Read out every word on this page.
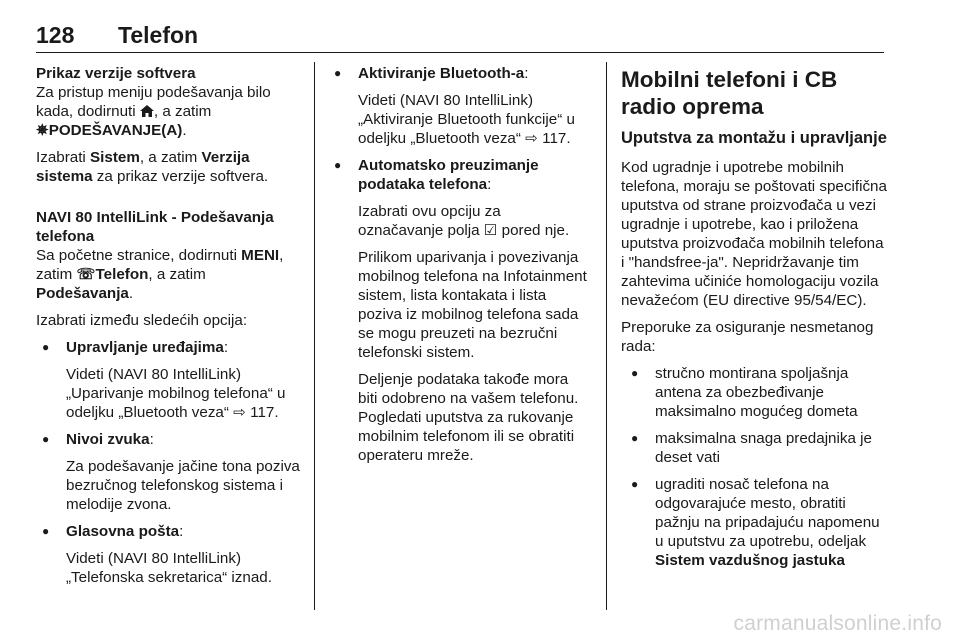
128 Telefon

Prikaz verzije softvera

Za pristup meniju podešavanja bilo kada, dodirnuti , a zatim
✵PODEŠAVANJE(A).

Izabrati Sistem, a zatim Verzija sistema za prikaz verzije softvera.

NAVI 80 IntelliLink - Podešavanja telefona

Sa početne stranice, dodirnuti MENI, zatim ☏Telefon, a zatim
Podešavanja.

Izabrati između sledećih opcija:

● Upravljanje uređajima:

Videti (NAVI 80 IntelliLink) „Uparivanje mobilnog telefona“ u odeljku „Bluetooth veza“ ⇨ 117.

● Nivoi zvuka:

Za podešavanje jačine tona poziva bezručnog telefonskog sistema i melodije zvona.

● Glasovna pošta:

Videti (NAVI 80 IntelliLink) „Telefonska sekretarica“ iznad.

● Aktiviranje Bluetooth-a:

Videti (NAVI 80 IntelliLink) „Aktiviranje Bluetooth funkcije“ u odeljku „Bluetooth veza“ ⇨ 117.

● Automatsko preuzimanje podataka telefona:

Izabrati ovu opciju za označavanje polja ☑ pored nje.

Prilikom uparivanja i povezivanja mobilnog telefona na Infotainment sistem, lista kontakata i lista poziva iz mobilnog telefona sada se mogu preuzeti na bezručni telefonski sistem.

Deljenje podataka takođe mora biti odobreno na vašem telefonu. Pogledati uputstva za rukovanje mobilnim telefonom ili se obratiti operateru mreže.

Mobilni telefoni i CB radio oprema
Uputstva za montažu i upravljanje

Kod ugradnje i upotrebe mobilnih telefona, moraju se poštovati specifična uputstva od strane proizvođača u vezi ugradnje i upotrebe, kao i priložena uputstva proizvođača mobilnih telefona i "handsfree-ja". Nepridržavanje tim zahtevima učiniće homologaciju vozila nevažećom (EU directive 95/54/EC).

Preporuke za osiguranje nesmetanog rada:

● stručno montirana spoljašnja antena za obezbeđivanje maksimalno mogućeg dometa
● maksimalna snaga predajnika je deset vati
● ugraditi nosač telefona na odgovarajuće mesto, obratiti pažnju na pripadajuću napomenu u uputstvu za upotrebu, odeljak Sistem vazdušnog jastuka
carmanualsonline.info
